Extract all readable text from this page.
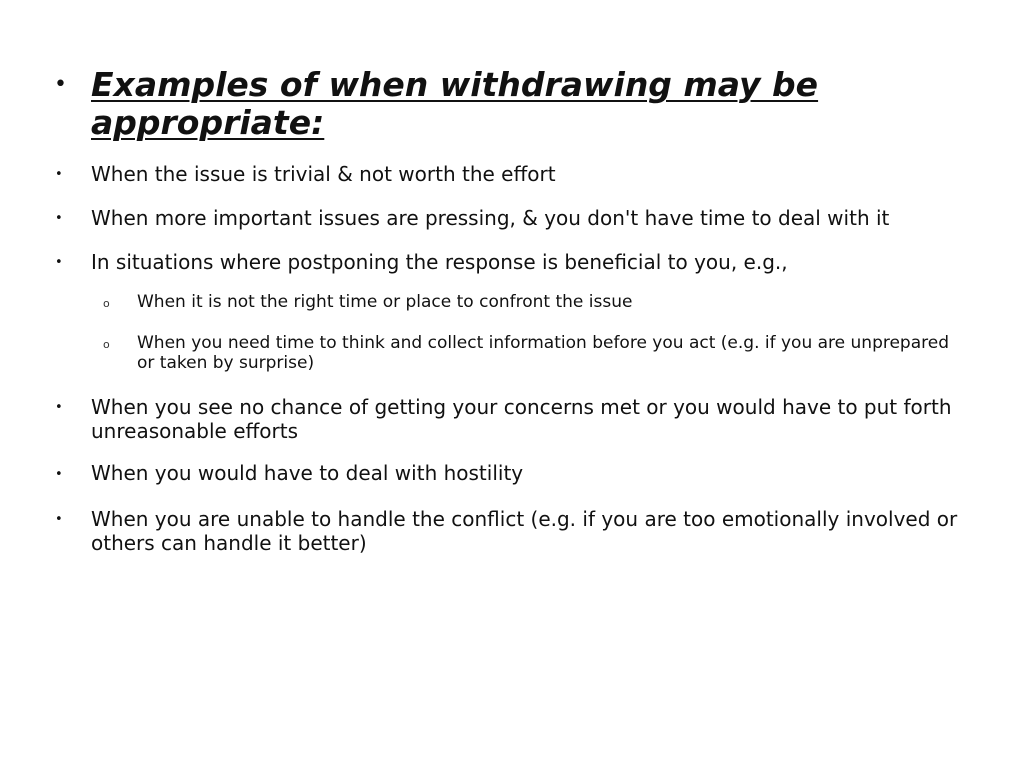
• Examples of when withdrawing may be appropriate:
• When the issue is trivial & not worth the effort
• When more important issues are pressing, & you don't have time to deal with it
• In situations where postponing the response is beneficial to you, e.g.,
o When it is not the right time or place to confront the issue
o When you need time to think and collect information before you act (e.g. if you are unprepared or taken by surprise)
• When you see no chance of getting your concerns met or you would have to put forth unreasonable efforts
• When you would have to deal with hostility
• When you are unable to handle the conflict (e.g. if you are too emotionally involved or others can handle it better)
